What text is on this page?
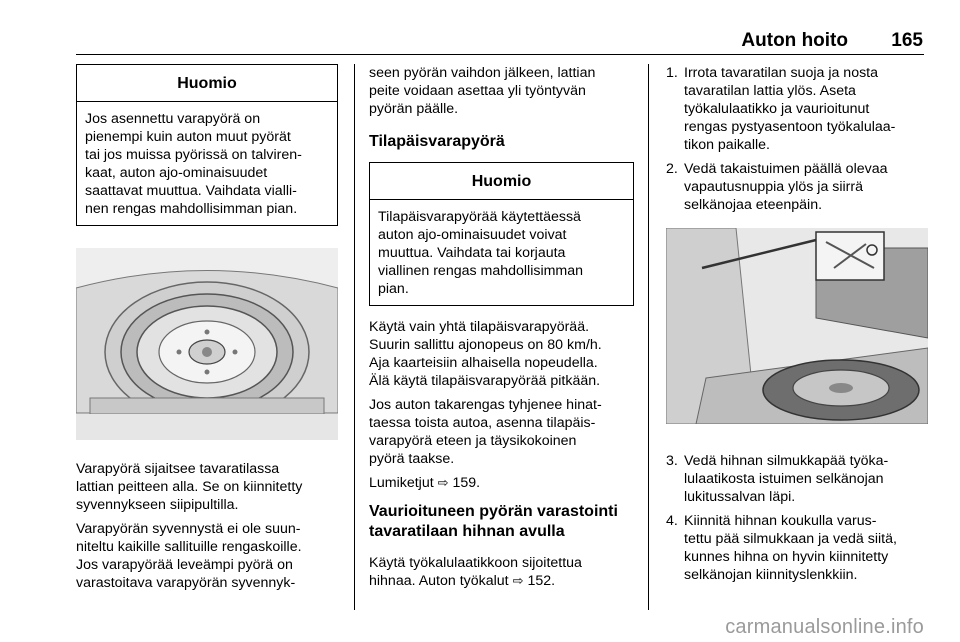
Auton hoito 165
Huomio
Jos asennettu varapyörä on
pienempi kuin auton muut pyörät
tai jos muissa pyörissä on talviren-
kaat, auton ajo-ominaisuudet
saattavat muuttua. Vaihdata vialli-
nen rengas mahdollisimman pian.

Varapyörä sijaitsee tavaratilassa
lattian peitteen alla. Se on kiinnitetty
syvennykseen siipipultilla.

Varapyörän syvennystä ei ole suun-
niteltu kaikille sallituille rengaskoille.
Jos varapyörää leveämpi pyörä on
varastoitava varapyörän syvennyk-

seen pyörän vaihdon jälkeen, lattian
peite voidaan asettaa yli työntyvän
pyörän päälle.

Tilapäisvarapyörä
Huomio
Tilapäisvarapyörää käytettäessä
auton ajo-ominaisuudet voivat
muuttua. Vaihdata tai korjauta
viallinen rengas mahdollisimman
pian.

Käytä vain yhtä tilapäisvarapyörää.
Suurin sallittu ajonopeus on 80 km/h.
Aja kaarteisiin alhaisella nopeudella.
Älä käytä tilapäisvarapyörää pitkään.

Jos auton takarengas tyhjenee hinat-
taessa toista autoa, asenna tilapäis-
varapyörä eteen ja täysikokoinen
pyörä taakse.

Lumiketjut ⇨ 159.

Vaurioituneen pyörän varastointi
tavaratilaan hihnan avulla

Käytä työkalulaatikkoon sijoitettua
hihnaa. Auton työkalut ⇨ 152.

1. Irrota tavaratilan suoja ja nosta
tavaratilan lattia ylös. Aseta
työkalulaatikko ja vaurioitunut
rengas pystyasentoon työkalulaa-
tikon paikalle.
2. Vedä takaistuimen päällä olevaa
vapautusnuppia ylös ja siirrä
selkänojaa eteenpäin.
3. Vedä hihnan silmukkapää työka-
lulaatikosta istuimen selkänojan
lukitussalvan läpi.
4. Kiinnitä hihnan koukulla varus-
tettu pää silmukkaan ja vedä siitä,
kunnes hihna on hyvin kiinnitetty
selkänojan kiinnityslenkkiin.
carmanualsonline.info
